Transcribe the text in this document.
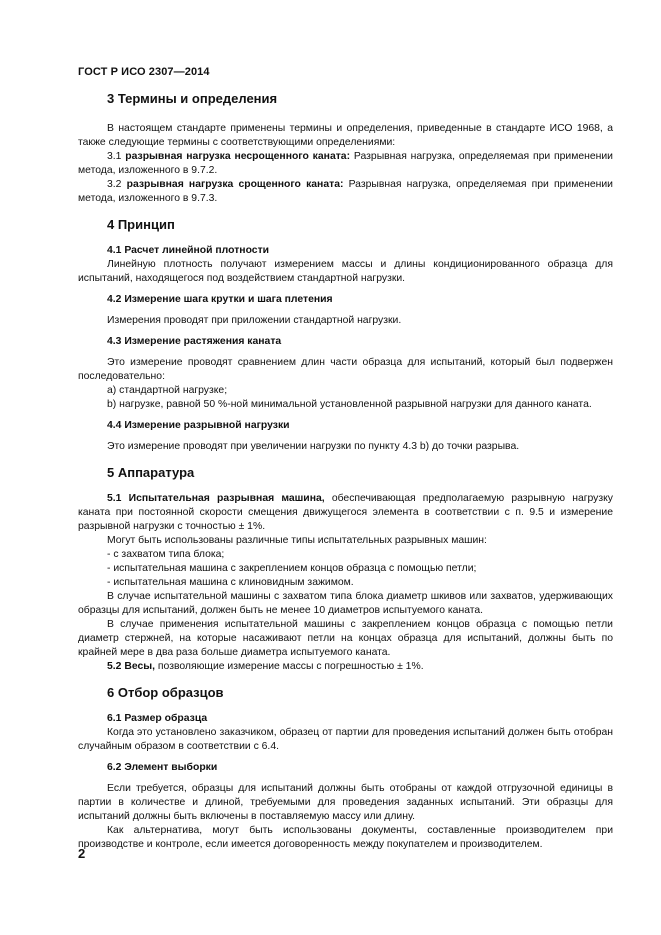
ГОСТ Р ИСО 2307—2014
3 Термины и определения

В настоящем стандарте применены термины и определения, приведенные в стандарте ИСО 1968, а также следующие термины с соответствующими определениями:

3.1 разрывная нагрузка несрощенного каната: Разрывная нагрузка, определяемая при применении метода, изложенного в 9.7.2.

3.2 разрывная нагрузка срощенного каната: Разрывная нагрузка, определяемая при применении метода, изложенного в 9.7.3.

4 Принцип
4.1 Расчет линейной плотности

Линейную плотность получают измерением массы и длины кондиционированного образца для испытаний, находящегося под воздействием стандартной нагрузки.

4.2 Измерение шага крутки и шага плетения

Измерения проводят при приложении стандартной нагрузки.

4.3 Измерение растяжения каната

Это измерение проводят сравнением длин части образца для испытаний, который был подвержен последовательно:

а) стандартной нагрузке;

b) нагрузке, равной 50 %-ной минимальной установленной разрывной нагрузки для данного каната.

4.4 Измерение разрывной нагрузки

Это измерение проводят при увеличении нагрузки по пункту 4.3 b) до точки разрыва.

5 Аппаратура

5.1 Испытательная разрывная машина, обеспечивающая предполагаемую разрывную нагрузку каната при постоянной скорости смещения движущегося элемента в соответствии с п. 9.5 и измерение разрывной нагрузки с точностью ± 1%.

Могут быть использованы различные типы испытательных разрывных машин:

- с захватом типа блока;

- испытательная машина с закреплением концов образца с помощью петли;

- испытательная машина с клиновидным зажимом.

В случае испытательной машины с захватом типа блока диаметр шкивов или захватов, удерживающих образцы для испытаний, должен быть не менее 10 диаметров испытуемого каната.

В случае применения испытательной машины с закреплением концов образца с помощью петли диаметр стержней, на которые насаживают петли на концах образца для испытаний, должны быть по крайней мере в два раза больше диаметра испытуемого каната.

5.2 Весы, позволяющие измерение массы с погрешностью ± 1%.

6 Отбор образцов
6.1 Размер образца

Когда это установлено заказчиком, образец от партии для проведения испытаний должен быть отобран случайным образом в соответствии с 6.4.

6.2 Элемент выборки

Если требуется, образцы для испытаний должны быть отобраны от каждой отгрузочной единицы в партии в количестве и длиной, требуемыми для проведения заданных испытаний. Эти образцы для испытаний должны быть включены в поставляемую массу или длину.

Как альтернатива, могут быть использованы документы, составленные производителем при производстве и контроле, если имеется договоренность между покупателем и производителем.

2
